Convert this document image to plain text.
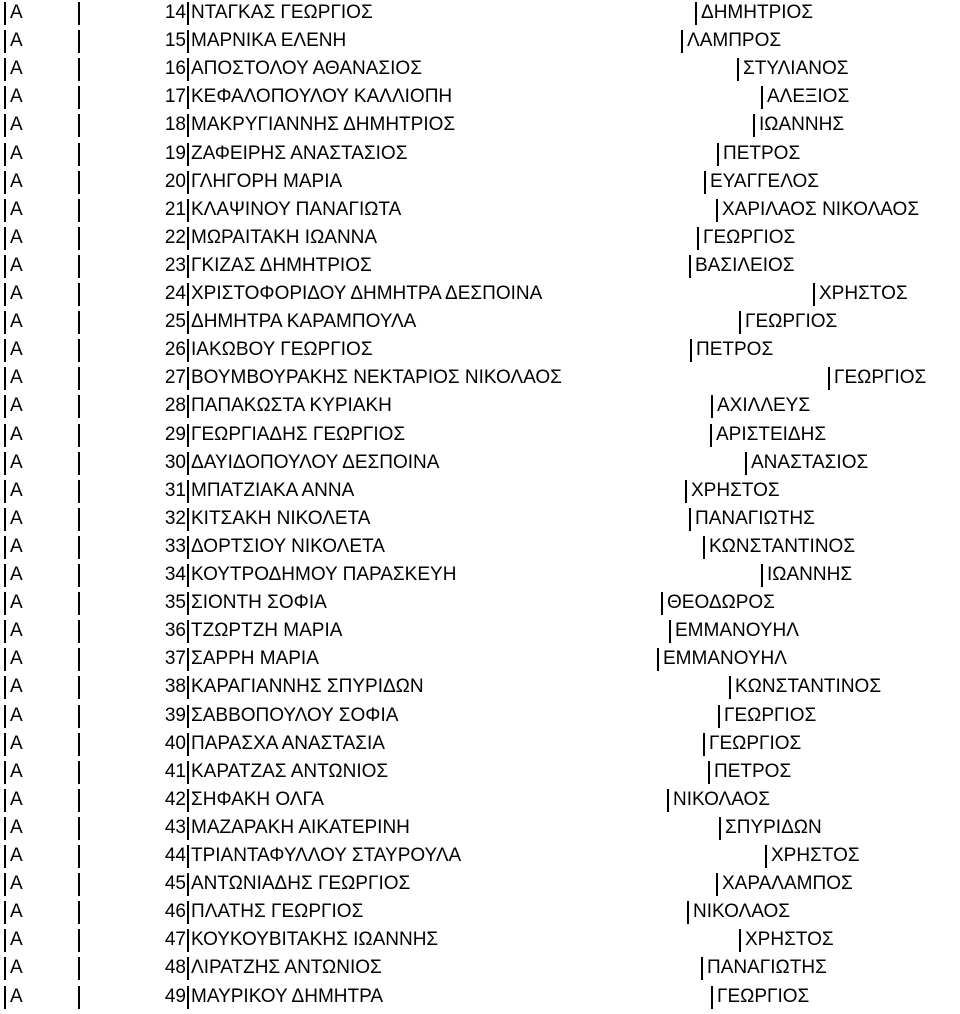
Α	14 ΝΤΑΓΚΑΣ ΓΕΩΡΓΙΟΣ	ΔΗΜΗΤΡΙΟΣ
Α	15 ΜΑΡΝΙΚΑ ΕΛΕΝΗ	ΛΑΜΠΡΟΣ
Α	16 ΑΠΟΣΤΟΛΟΥ ΑΘΑΝΑΣΙΟΣ	ΣΤΥΛΙΑΝΟΣ
Α	17 ΚΕΦΑΛΟΠΟΥΛΟΥ ΚΑΛΛΙΟΠΗ	ΑΛΕΞΙΟΣ
Α	18 ΜΑΚΡΥΓΙΑΝΝΗΣ ΔΗΜΗΤΡΙΟΣ	ΙΩΑΝΝΗΣ
Α	19 ΖΑΦΕΙΡΗΣ ΑΝΑΣΤΑΣΙΟΣ	ΠΕΤΡΟΣ
Α	20 ΓΛΗΓΟΡΗ ΜΑΡΙΑ	ΕΥΑΓΓΕΛΟΣ
Α	21 ΚΛΑΨΙΝΟΥ ΠΑΝΑΓΙΩΤΑ	ΧΑΡΙΛΑΟΣ ΝΙΚΟΛΑΟΣ
Α	22 ΜΩΡΑΙΤΑΚΗ ΙΩΑΝΝΑ	ΓΕΩΡΓΙΟΣ
Α	23 ΓΚΙΖΑΣ ΔΗΜΗΤΡΙΟΣ	ΒΑΣΙΛΕΙΟΣ
Α	24 ΧΡΙΣΤΟΦΟΡΙΔΟΥ ΔΗΜΗΤΡΑ ΔΕΣΠΟΙΝΑ	ΧΡΗΣΤΟΣ
Α	25 ΔΗΜΗΤΡΑ ΚΑΡΑΜΠΟΥΛΑ	ΓΕΩΡΓΙΟΣ
Α	26 ΙΑΚΩΒΟΥ ΓΕΩΡΓΙΟΣ	ΠΕΤΡΟΣ
Α	27 ΒΟΥΜΒΟΥΡΑΚΗΣ ΝΕΚΤΑΡΙΟΣ ΝΙΚΟΛΑΟΣ	ΓΕΩΡΓΙΟΣ
Α	28 ΠΑΠΑΚΩΣΤΑ ΚΥΡΙΑΚΗ	ΑΧΙΛΛΕΥΣ
Α	29 ΓΕΩΡΓΙΑΔΗΣ ΓΕΩΡΓΙΟΣ	ΑΡΙΣΤΕΙΔΗΣ
Α	30 ΔΑΥΙΔΟΠΟΥΛΟΥ ΔΕΣΠΟΙΝΑ	ΑΝΑΣΤΑΣΙΟΣ
Α	31 ΜΠΑΤΖΙΑΚΑ ΑΝΝΑ	ΧΡΗΣΤΟΣ
Α	32 ΚΙΤΣΑΚΗ ΝΙΚΟΛΕΤΑ	ΠΑΝΑΓΙΩΤΗΣ
Α	33 ΔΟΡΤΣΙΟΥ ΝΙΚΟΛΕΤΑ	ΚΩΝΣΤΑΝΤΙΝΟΣ
Α	34 ΚΟΥΤΡΟΔΗΜΟΥ ΠΑΡΑΣΚΕΥΗ	ΙΩΑΝΝΗΣ
Α	35 ΣΙΟΝΤΗ ΣΟΦΙΑ	ΘΕΟΔΩΡΟΣ
Α	36 ΤΖΩΡΤΖΗ ΜΑΡΙΑ	ΕΜΜΑΝΟΥΗΛ
Α	37 ΣΑΡΡΗ ΜΑΡΙΑ	ΕΜΜΑΝΟΥΗΛ
Α	38 ΚΑΡΑΓΙΑΝΝΗΣ ΣΠΥΡΙΔΩΝ	ΚΩΝΣΤΑΝΤΙΝΟΣ
Α	39 ΣΑΒΒΟΠΟΥΛΟΥ ΣΟΦΙΑ	ΓΕΩΡΓΙΟΣ
Α	40 ΠΑΡΑΣΧΑ ΑΝΑΣΤΑΣΙΑ	ΓΕΩΡΓΙΟΣ
Α	41 ΚΑΡΑΤΖΑΣ ΑΝΤΩΝΙΟΣ	ΠΕΤΡΟΣ
Α	42 ΣΗΦΑΚΗ ΟΛΓΑ	ΝΙΚΟΛΑΟΣ
Α	43 ΜΑΖΑΡΑΚΗ ΑΙΚΑΤΕΡΙΝΗ	ΣΠΥΡΙΔΩΝ
Α	44 ΤΡΙΑΝΤΑΦΥΛΛΟΥ ΣΤΑΥΡΟΥΛΑ	ΧΡΗΣΤΟΣ
Α	45 ΑΝΤΩΝΙΑΔΗΣ ΓΕΩΡΓΙΟΣ	ΧΑΡΑΛΑΜΠΟΣ
Α	46 ΠΛΑΤΗΣ ΓΕΩΡΓΙΟΣ	ΝΙΚΟΛΑΟΣ
Α	47 ΚΟΥΚΟΥΒΙΤΑΚΗΣ ΙΩΑΝΝΗΣ	ΧΡΗΣΤΟΣ
Α	48 ΛΙΡΑΤΖΗΣ ΑΝΤΩΝΙΟΣ	ΠΑΝΑΓΙΩΤΗΣ
Α	49 ΜΑΥΡΙΚΟΥ ΔΗΜΗΤΡΑ	ΓΕΩΡΓΙΟΣ
